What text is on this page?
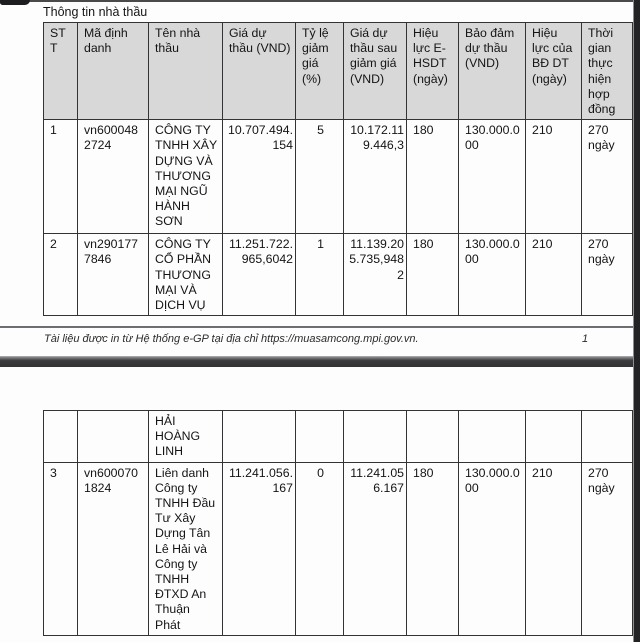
Thông tin nhà thầu
STT	Mã định danh	Tên nhà thầu	Giá dự thầu (VND)	Tỷ lệ giảm giá (%)	Giá dự thầu sau giảm giá (VND)	Hiệu lực E-HSDT (ngày)	Bảo đảm dự thầu (VND)	Hiệu lực của BĐ DT (ngày)	Thời gian thực hiện hợp đồng
1	vn6000482724	CÔNG TY TNHH XÂY DỰNG VÀ THƯƠNG MẠI NGŨ HÀNH SƠN	10.707.494.154	5	10.172.119.446,3	180	130.000.000	210	270 ngày
2	vn2901777846	CÔNG TY CỔ PHẦN THƯƠNG MẠI VÀ DỊCH VỤ	11.251.722.965,6042	1	11.139.205.735,9482	180	130.000.000	210	270 ngày
Tài liệu được in từ Hệ thống e-GP tại địa chỉ https://muasamcong.mpi.gov.vn.	1
		HẢI HOÀNG LINH							
3	vn6000701824	Liên danh Công ty TNHH Đầu Tư Xây Dựng Tân Lê Hải và Công ty TNHH ĐTXD An Thuận Phát	11.241.056.167	0	11.241.056.167	180	130.000.000	210	270 ngày
